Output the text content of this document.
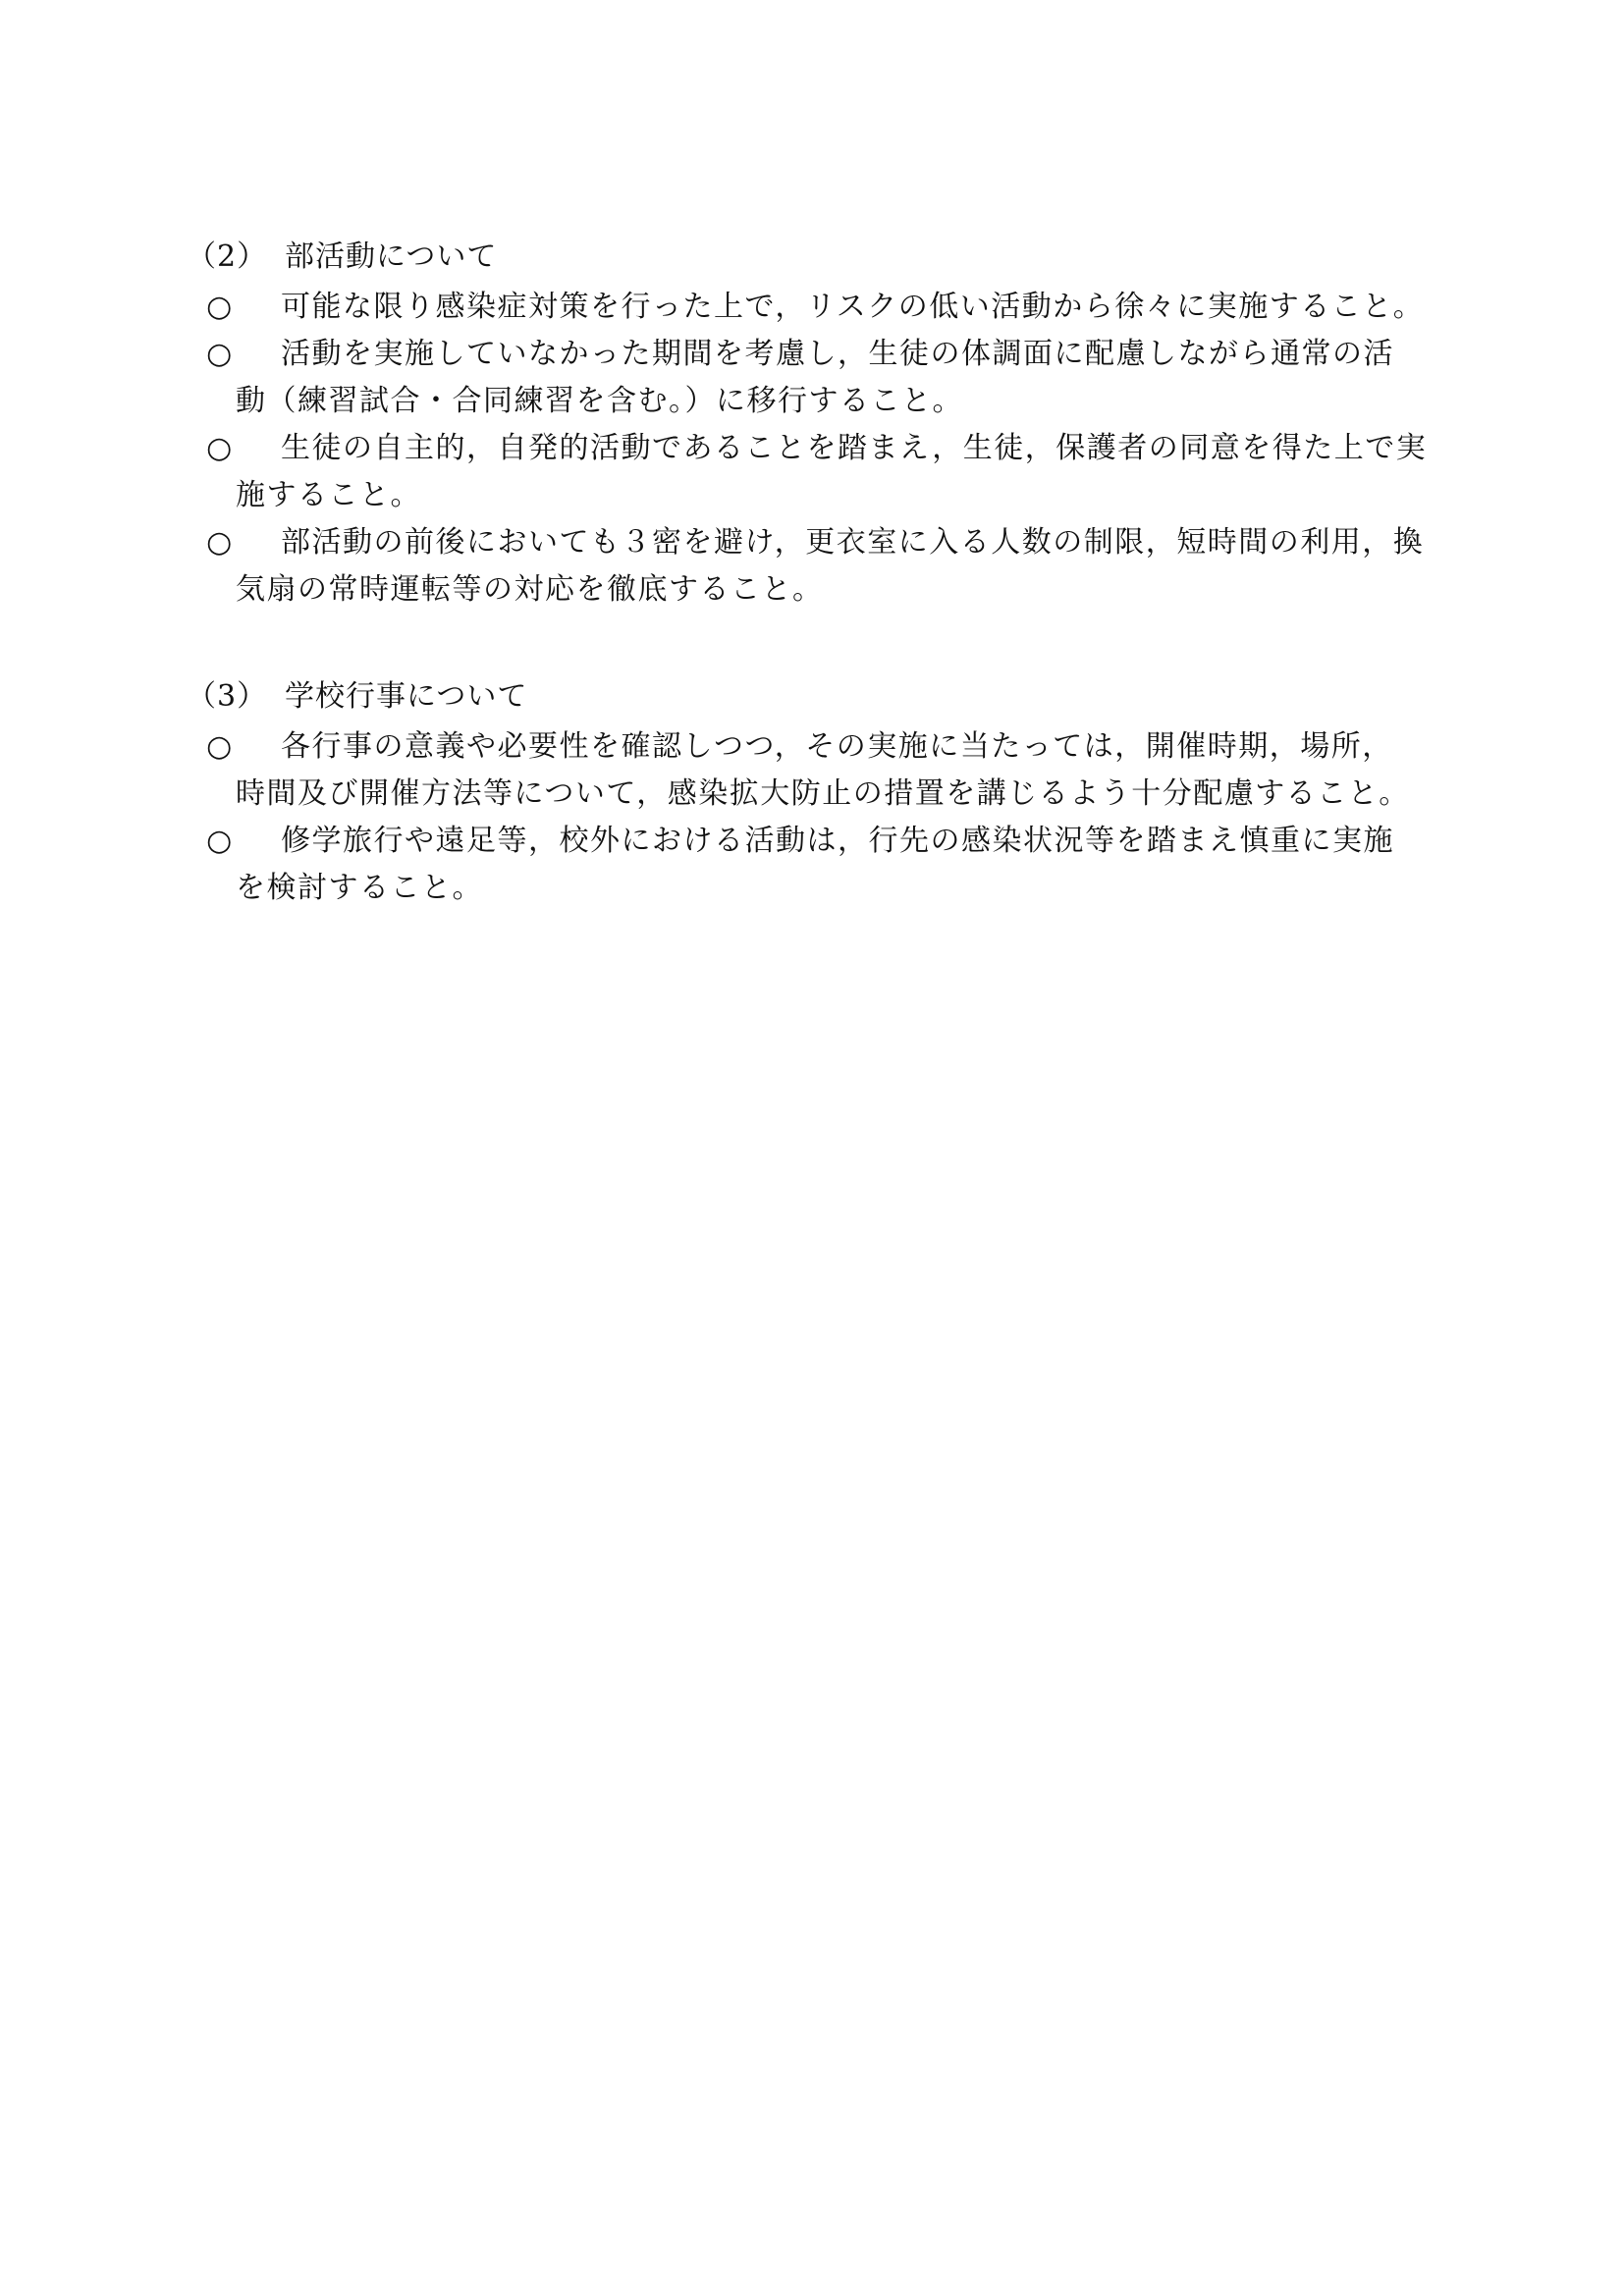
（2） 部活動について
○ 可能な限り感染症対策を行った上で，リスクの低い活動から徐々に実施すること。
○ 活動を実施していなかった期間を考慮し，生徒の体調面に配慮しながら通常の活
動（練習試合・合同練習を含む。）に移行すること。
○ 生徒の自主的，自発的活動であることを踏まえ，生徒，保護者の同意を得た上で実
施すること。
○ 部活動の前後においても３密を避け，更衣室に入る人数の制限，短時間の利用，換
気扇の常時運転等の対応を徹底すること。
（3） 学校行事について
○ 各行事の意義や必要性を確認しつつ，その実施に当たっては，開催時期，場所，
時間及び開催方法等について，感染拡大防止の措置を講じるよう十分配慮すること。
○ 修学旅行や遠足等，校外における活動は，行先の感染状況等を踏まえ慎重に実施
を検討すること。
